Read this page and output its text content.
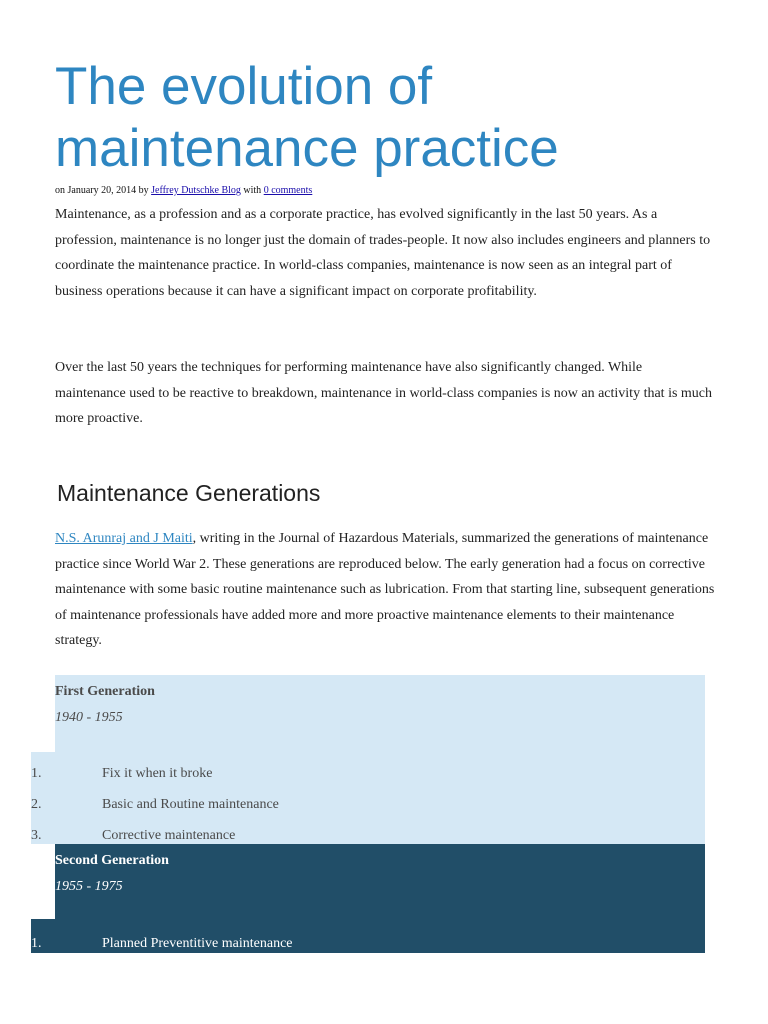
The evolution of maintenance practice
on January 20, 2014 by Jeffrey Dutschke Blog with 0 comments

Maintenance, as a profession and as a corporate practice, has evolved significantly in the last 50 years. As a profession, maintenance is no longer just the domain of trades-people. It now also includes engineers and planners to coordinate the maintenance practice. In world-class companies, maintenance is now seen as an integral part of business operations because it can have a significant impact on corporate profitability.

Over the last 50 years the techniques for performing maintenance have also significantly changed. While maintenance used to be reactive to breakdown, maintenance in world-class companies is now an activity that is much more proactive.

Maintenance Generations

N.S. Arunraj and J Maiti, writing in the Journal of Hazardous Materials, summarized the generations of maintenance practice since World War 2. These generations are reproduced below. The early generation had a focus on corrective maintenance with some basic routine maintenance such as lubrication. From that starting line, subsequent generations of maintenance professionals have added more and more proactive maintenance elements to their maintenance strategy.

First Generation
1940 - 1955
1.	Fix it when it broke
2.	Basic and Routine maintenance
3.	Corrective maintenance
Second Generation
1955 - 1975
1.	Planned Preventitive maintenance
